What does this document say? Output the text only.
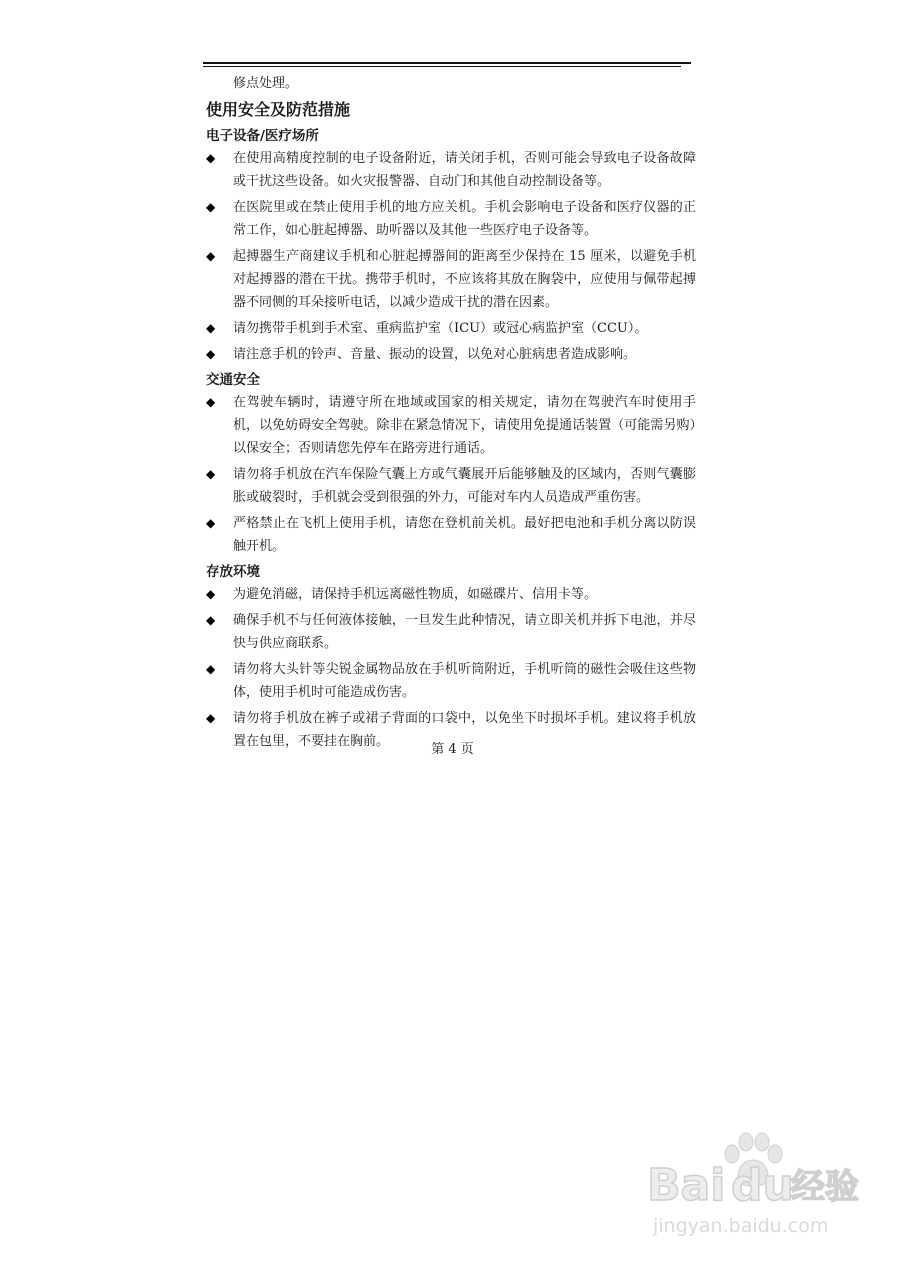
修点处理。

使用安全及防范措施
电子设备/医疗场所
◆ 在使用高精度控制的电子设备附近，请关闭手机，否则可能会导致电子设备故障或干扰这些设备。如火灾报警器、自动门和其他自动控制设备等。
◆ 在医院里或在禁止使用手机的地方应关机。手机会影响电子设备和医疗仪器的正常工作，如心脏起搏器、助听器以及其他一些医疗电子设备等。
◆ 起搏器生产商建议手机和心脏起搏器间的距离至少保持在 15 厘米，以避免手机对起搏器的潜在干扰。携带手机时，不应该将其放在胸袋中，应使用与佩带起搏器不同侧的耳朵接听电话，以减少造成干扰的潜在因素。
◆ 请勿携带手机到手术室、重病监护室（ICU）或冠心病监护室（CCU）。
◆ 请注意手机的铃声、音量、振动的设置，以免对心脏病患者造成影响。
交通安全
◆ 在驾驶车辆时，请遵守所在地域或国家的相关规定，请勿在驾驶汽车时使用手机，以免妨碍安全驾驶。除非在紧急情况下，请使用免提通话装置（可能需另购）以保安全；否则请您先停车在路旁进行通话。
◆ 请勿将手机放在汽车保险气囊上方或气囊展开后能够触及的区域内，否则气囊膨胀或破裂时，手机就会受到很强的外力，可能对车内人员造成严重伤害。
◆ 严格禁止在飞机上使用手机，请您在登机前关机。最好把电池和手机分离以防误触开机。
存放环境
◆ 为避免消磁，请保持手机远离磁性物质，如磁碟片、信用卡等。
◆ 确保手机不与任何液体接触，一旦发生此种情况，请立即关机并拆下电池，并尽快与供应商联系。
◆ 请勿将大头针等尖锐金属物品放在手机听筒附近，手机听筒的磁性会吸住这些物体，使用手机时可能造成伤害。
◆ 请勿将手机放在裤子或裙子背面的口袋中，以免坐下时损坏手机。建议将手机放置在包里，不要挂在胸前。
第 4 页
Bai du
经验
jingyan.baidu.com
